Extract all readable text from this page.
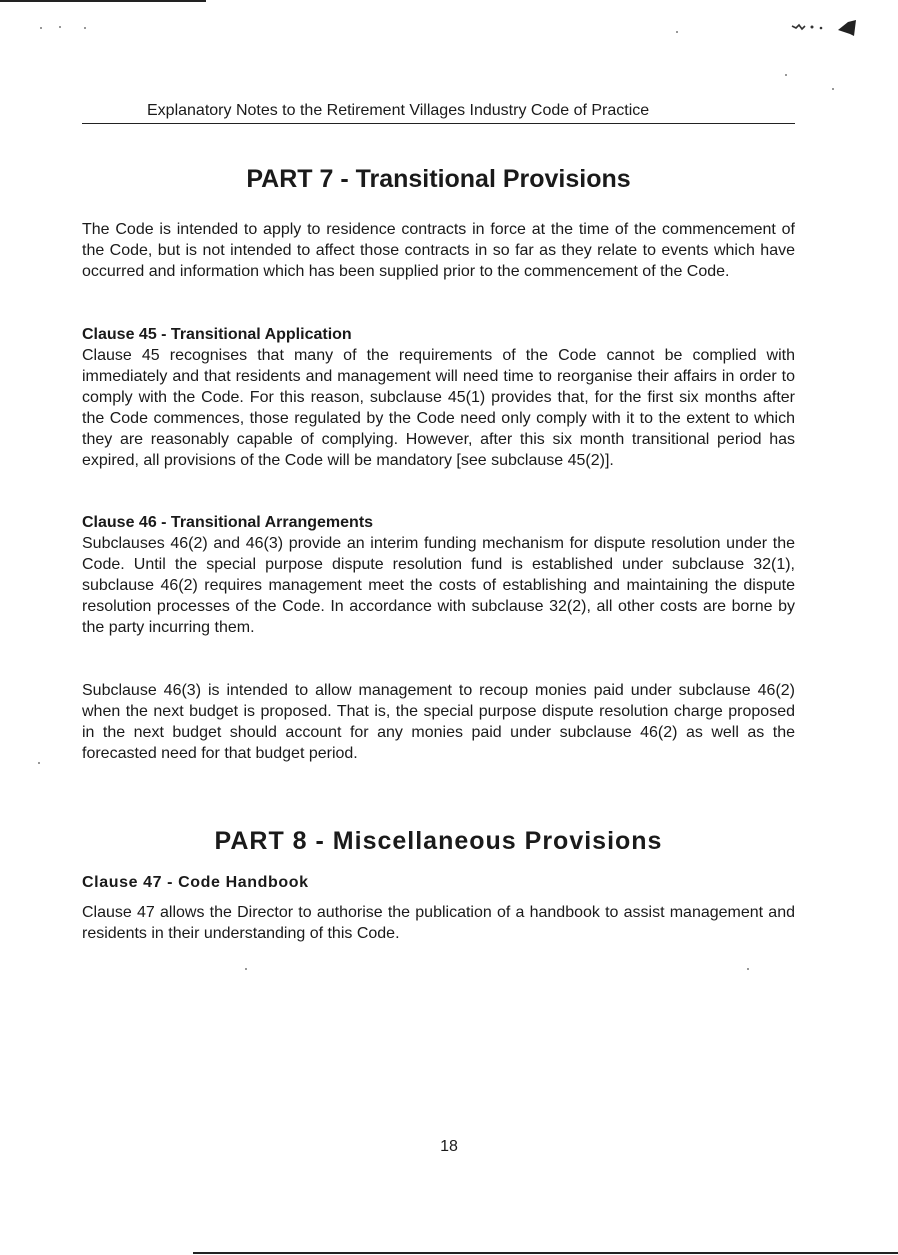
Explanatory Notes to the Retirement Villages Industry Code of Practice
PART 7 - Transitional Provisions

The Code is intended to apply to residence contracts in force at the time of the commencement of the Code, but is not intended to affect those contracts in so far as they relate to events which have occurred and information which has been supplied prior to the commencement of the Code.

Clause 45 - Transitional Application

Clause 45 recognises that many of the requirements of the Code cannot be complied with immediately and that residents and management will need time to reorganise their affairs in order to comply with the Code. For this reason, subclause 45(1) provides that, for the first six months after the Code commences, those regulated by the Code need only comply with it to the extent to which they are reasonably capable of complying. However, after this six month transitional period has expired, all provisions of the Code will be mandatory [see subclause 45(2)].

Clause 46 - Transitional Arrangements

Subclauses 46(2) and 46(3) provide an interim funding mechanism for dispute resolution under the Code. Until the special purpose dispute resolution fund is established under subclause 32(1), subclause 46(2) requires management meet the costs of establishing and maintaining the dispute resolution processes of the Code. In accordance with subclause 32(2), all other costs are borne by the party incurring them.

Subclause 46(3) is intended to allow management to recoup monies paid under subclause 46(2) when the next budget is proposed. That is, the special purpose dispute resolution charge proposed in the next budget should account for any monies paid under subclause 46(2) as well as the forecasted need for that budget period.

PART 8 - Miscellaneous Provisions
Clause 47 - Code Handbook

Clause 47 allows the Director to authorise the publication of a handbook to assist management and residents in their understanding of this Code.

18
